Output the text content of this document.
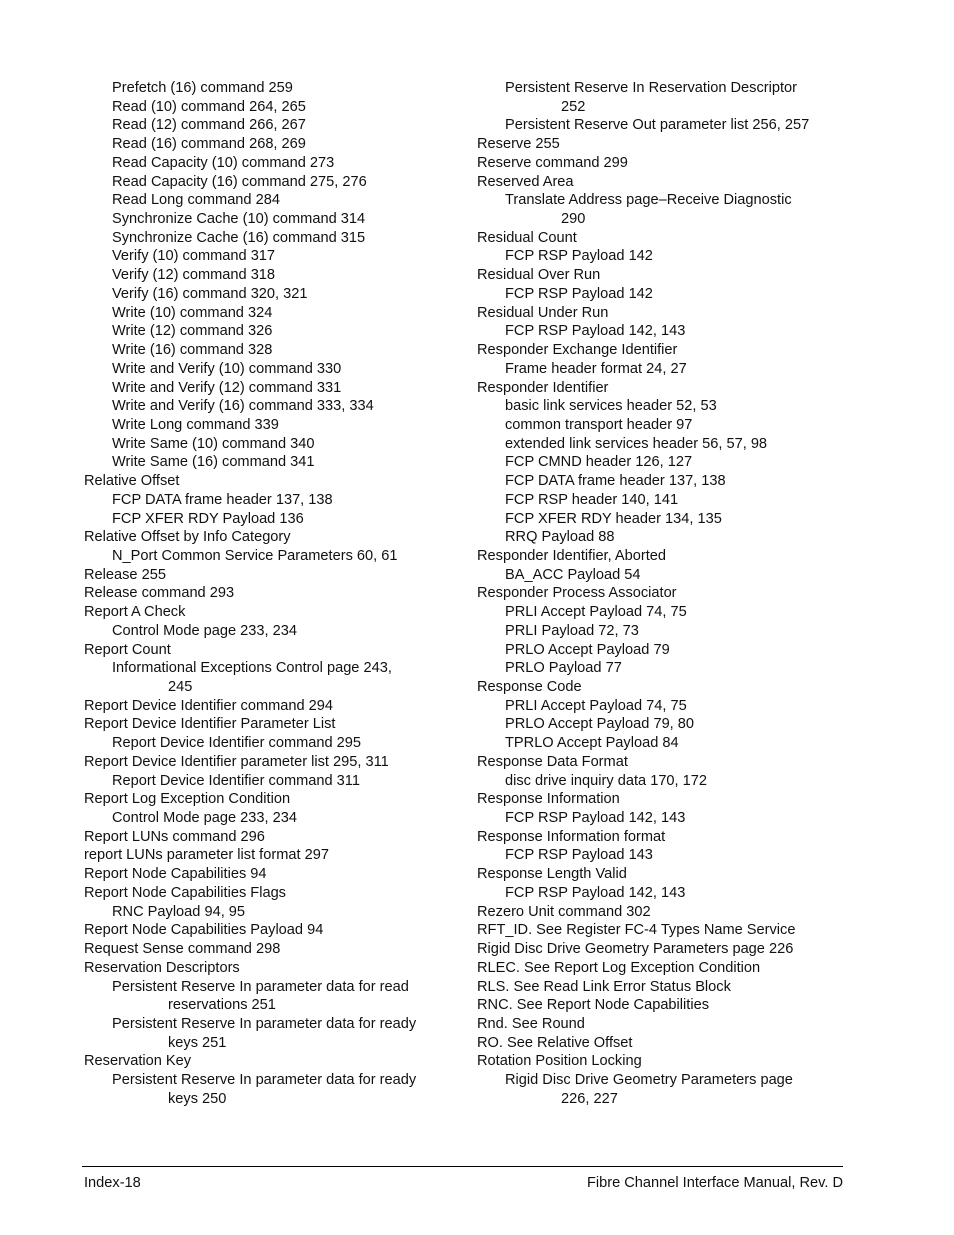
Prefetch (16) command 259
Read (10) command 264, 265
Read (12) command 266, 267
Read (16) command 268, 269
Read Capacity (10) command 273
Read Capacity (16) command 275, 276
Read Long command 284
Synchronize Cache (10) command 314
Synchronize Cache (16) command 315
Verify (10) command 317
Verify (12) command 318
Verify (16) command 320, 321
Write (10) command 324
Write (12) command 326
Write (16) command 328
Write and Verify (10) command 330
Write and Verify (12) command 331
Write and Verify (16) command 333, 334
Write Long command 339
Write Same (10) command 340
Write Same (16) command 341
Relative Offset
FCP DATA frame header 137, 138
FCP XFER RDY Payload 136
Relative Offset by Info Category
N_Port Common Service Parameters 60, 61
Release 255
Release command 293
Report A Check
Control Mode page 233, 234
Report Count
Informational Exceptions Control page 243,
245
Report Device Identifier command 294
Report Device Identifier Parameter List
Report Device Identifier command 295
Report Device Identifier parameter list 295, 311
Report Device Identifier command 311
Report Log Exception Condition
Control Mode page 233, 234
Report LUNs command 296
report LUNs parameter list format 297
Report Node Capabilities 94
Report Node Capabilities Flags
RNC Payload 94, 95
Report Node Capabilities Payload 94
Request Sense command 298
Reservation Descriptors
Persistent Reserve In parameter data for read
reservations 251
Persistent Reserve In parameter data for ready
keys 251
Reservation Key
Persistent Reserve In parameter data for ready
keys 250
Persistent Reserve In Reservation Descriptor
252
Persistent Reserve Out parameter list 256, 257
Reserve 255
Reserve command 299
Reserved Area
Translate Address page–Receive Diagnostic
290
Residual Count
FCP RSP Payload 142
Residual Over Run
FCP RSP Payload 142
Residual Under Run
FCP RSP Payload 142, 143
Responder Exchange Identifier
Frame header format 24, 27
Responder Identifier
basic link services header 52, 53
common transport header 97
extended link services header 56, 57, 98
FCP CMND header 126, 127
FCP DATA frame header 137, 138
FCP RSP header 140, 141
FCP XFER RDY header 134, 135
RRQ Payload 88
Responder Identifier, Aborted
BA_ACC Payload 54
Responder Process Associator
PRLI Accept Payload 74, 75
PRLI Payload 72, 73
PRLO Accept Payload 79
PRLO Payload 77
Response Code
PRLI Accept Payload 74, 75
PRLO Accept Payload 79, 80
TPRLO Accept Payload 84
Response Data Format
disc drive inquiry data 170, 172
Response Information
FCP RSP Payload 142, 143
Response Information format
FCP RSP Payload 143
Response Length Valid
FCP RSP Payload 142, 143
Rezero Unit command 302
RFT_ID. See Register FC-4 Types Name Service
Rigid Disc Drive Geometry Parameters page 226
RLEC. See Report Log Exception Condition
RLS. See Read Link Error Status Block
RNC. See Report Node Capabilities
Rnd. See Round
RO. See Relative Offset
Rotation Position Locking
Rigid Disc Drive Geometry Parameters page
226, 227
Index-18	Fibre Channel Interface Manual, Rev. D
